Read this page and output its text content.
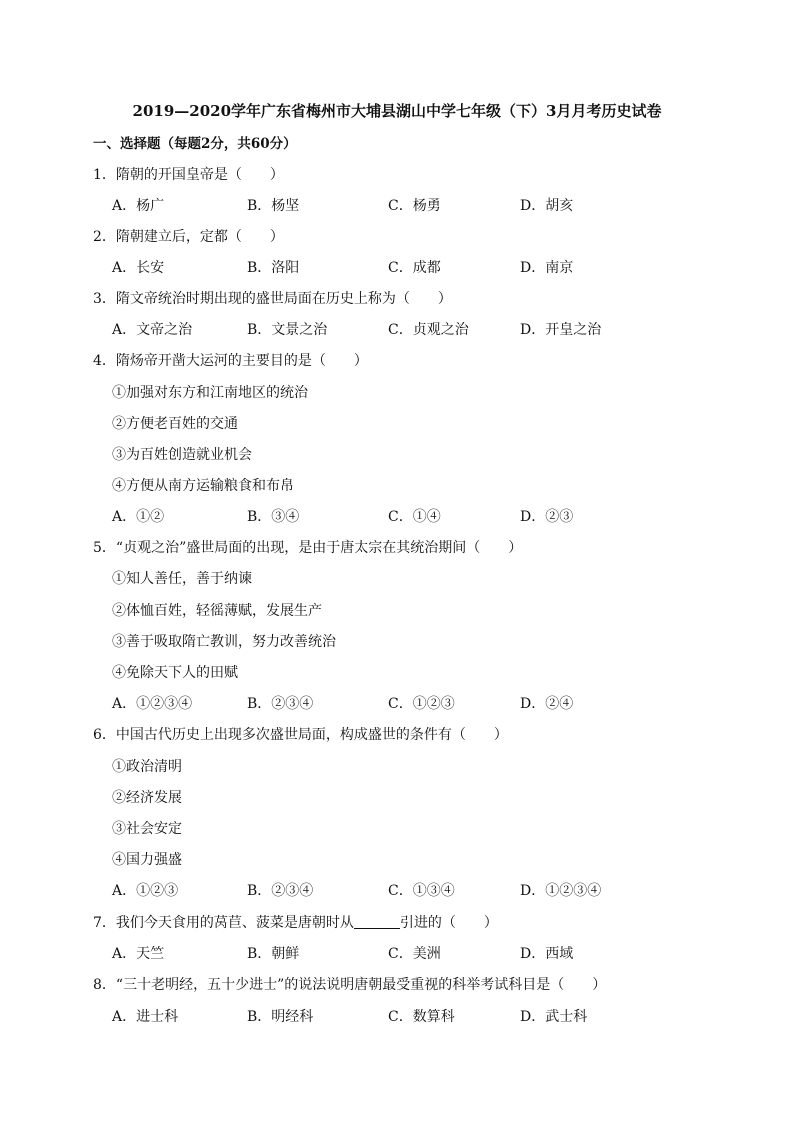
2019—2020学年广东省梅州市大埔县湖山中学七年级（下）3月月考历史试卷
一、选择题（每题2分，共60分）
1．隋朝的开国皇帝是（　　）
A．杨广	B．杨坚	C．杨勇	D．胡亥
2．隋朝建立后，定都（　　）
A．长安	B．洛阳	C．成都	D．南京
3．隋文帝统治时期出现的盛世局面在历史上称为（　　）
A．文帝之治	B．文景之治	C．贞观之治	D．开皇之治
4．隋炀帝开凿大运河的主要目的是（　　）
①加强对东方和江南地区的统治
②方便老百姓的交通
③为百姓创造就业机会
④方便从南方运输粮食和布帛
A．①②	B．③④	C．①④	D．②③
5．“贞观之治”盛世局面的出现，是由于唐太宗在其统治期间（　　）
①知人善任，善于纳谏
②体恤百姓，轻徭薄赋，发展生产
③善于吸取隋亡教训，努力改善统治
④免除天下人的田赋
A．①②③④	B．②③④	C．①②③	D．②④
6．中国古代历史上出现多次盛世局面，构成盛世的条件有（　　）
①政治清明
②经济发展
③社会安定
④国力强盛
A．①②③	B．②③④	C．①③④	D．①②③④
7．我们今天食用的莴苣、菠菜是唐朝时从	引进的（　　）
A．天竺	B．朝鲜	C．美洲	D．西域
8．“三十老明经，五十少进士”的说法说明唐朝最受重视的科举考试科目是（　　）
A．进士科	B．明经科	C．数算科	D．武士科
